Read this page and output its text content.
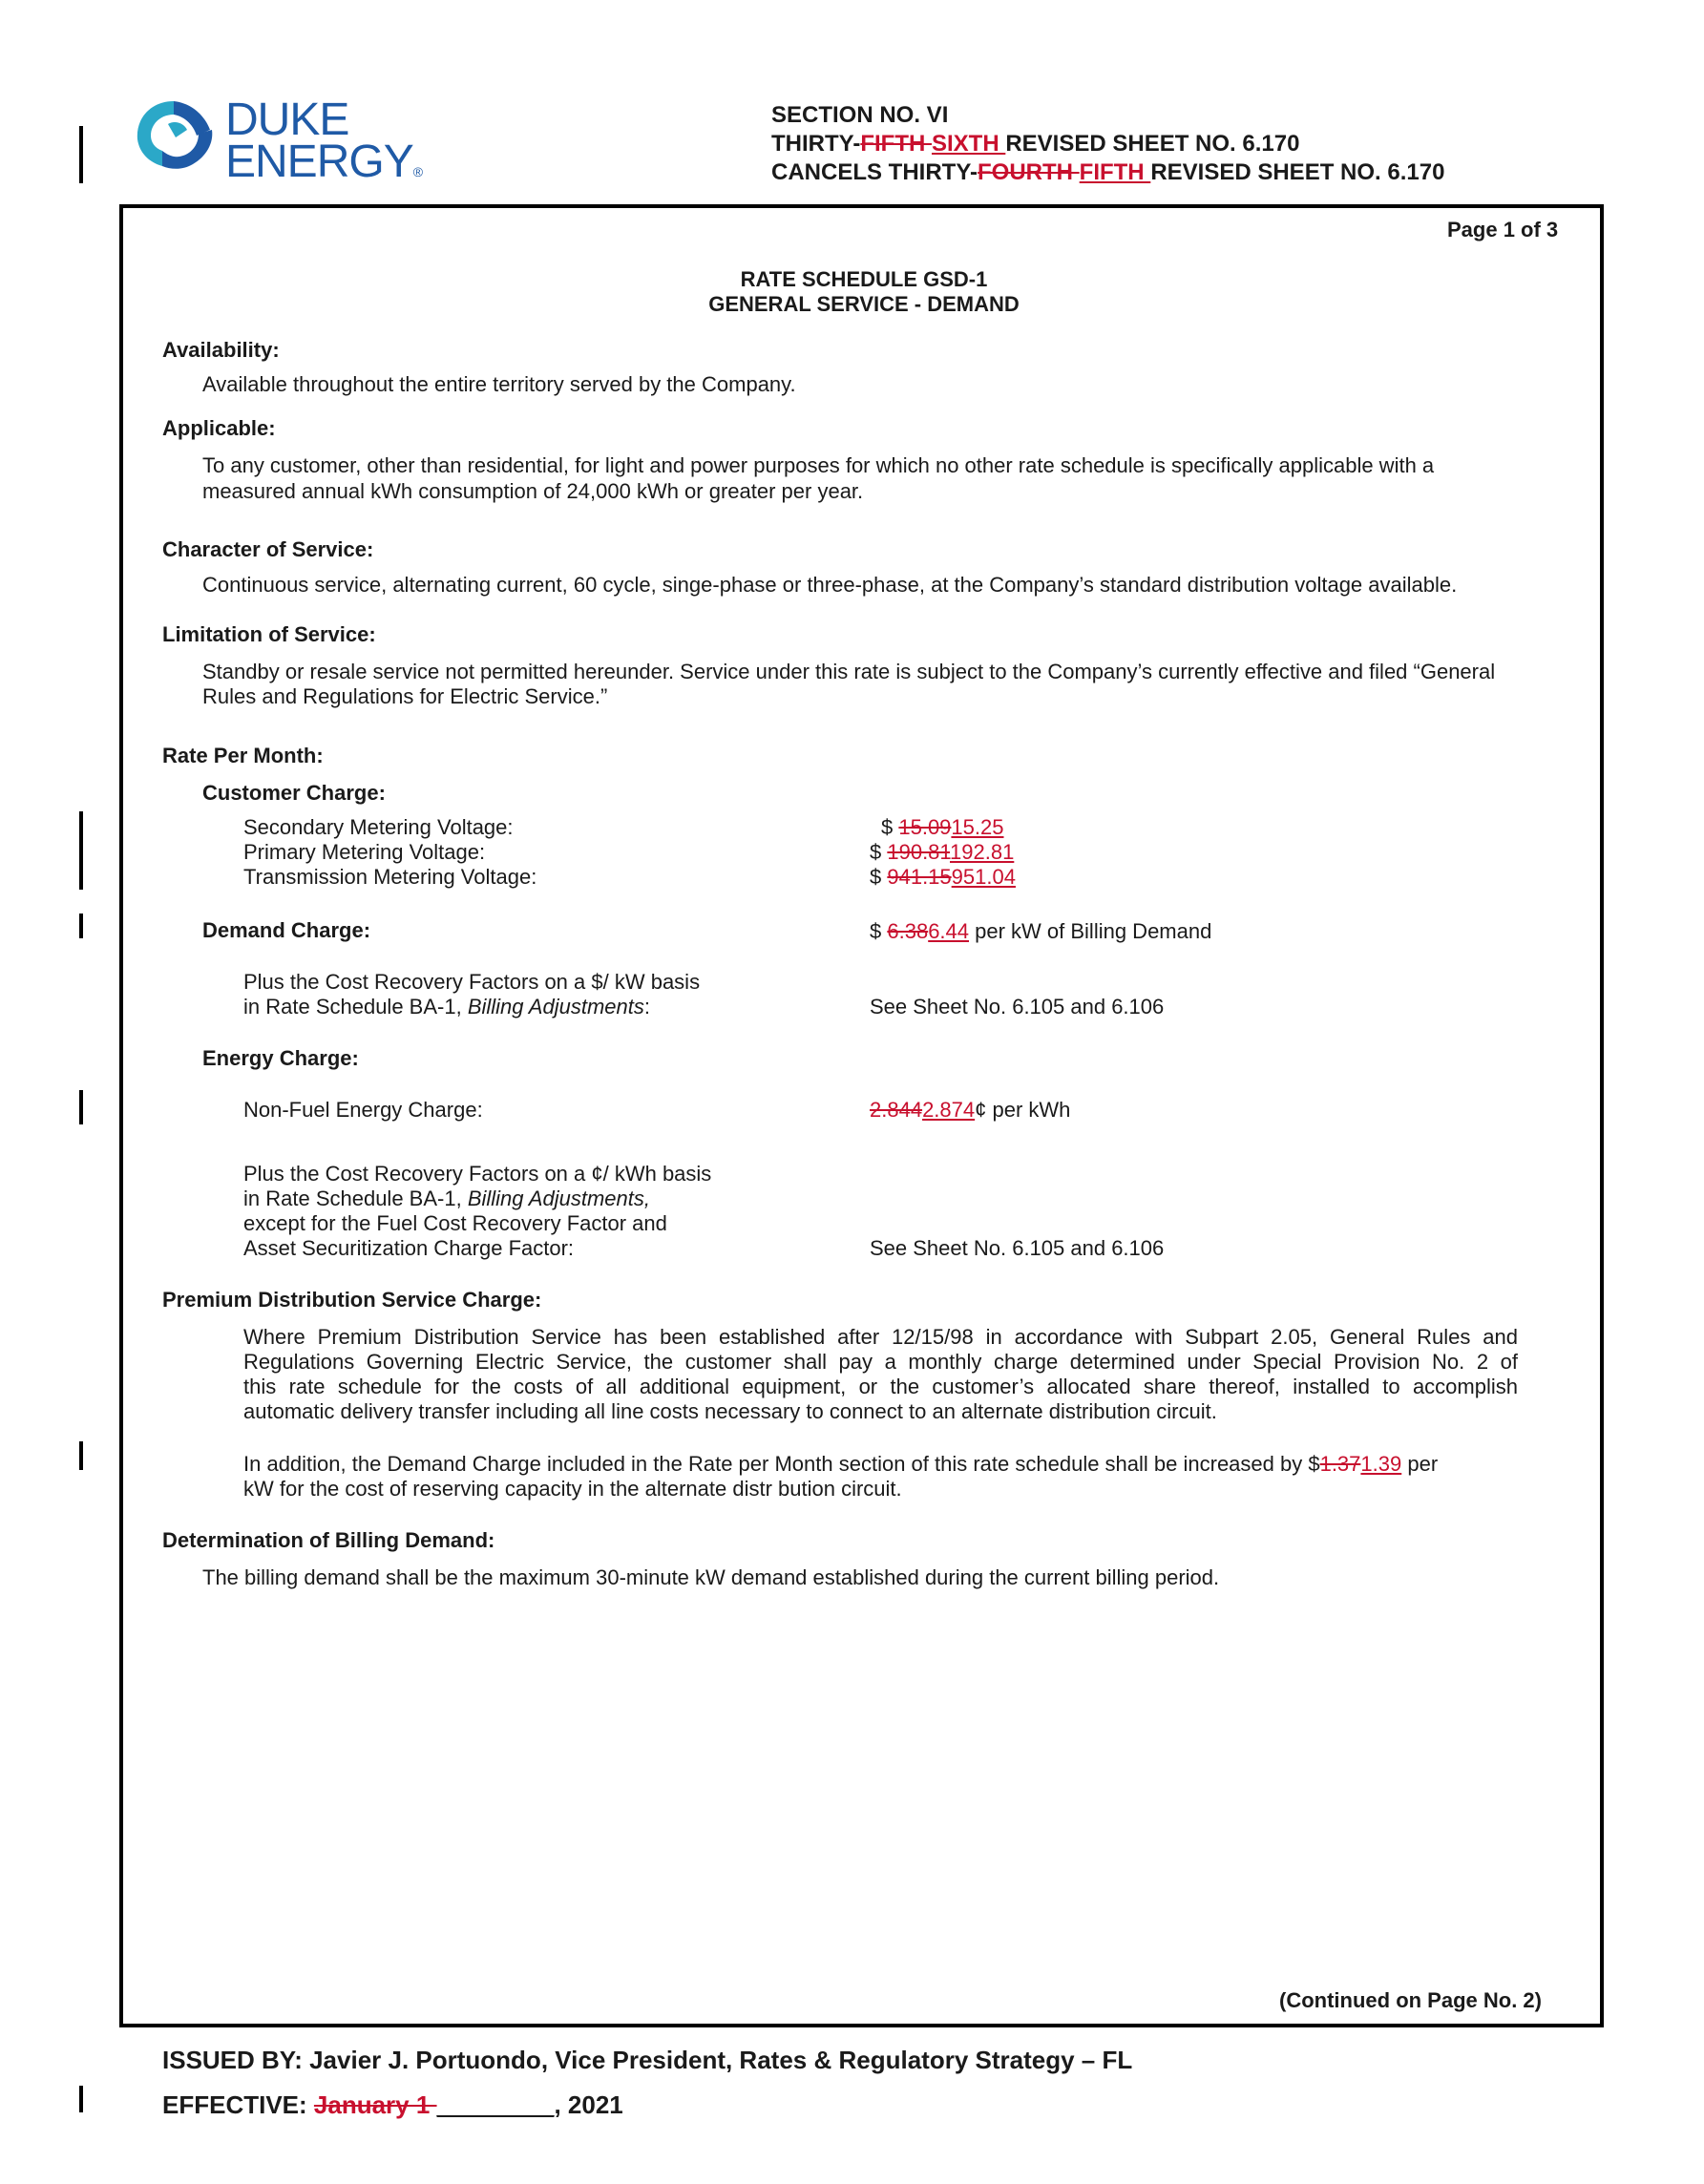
DUKE
ENERGY®
SECTION NO. VI
THIRTY-FIFTH SIXTH REVISED SHEET NO. 6.170
CANCELS THIRTY-FOURTH FIFTH REVISED SHEET NO. 6.170
Page 1 of 3
RATE SCHEDULE GSD-1
GENERAL SERVICE - DEMAND
Availability:
Available throughout the entire territory served by the Company.
Applicable:
To any customer, other than residential, for light and power purposes for which no other rate schedule is specifically applicable with a
measured annual kWh consumption of 24,000 kWh or greater per year.
Character of Service:
Continuous service, alternating current, 60 cycle, singe-phase or three-phase, at the Company’s standard distribution voltage available.
Limitation of Service:
Standby or resale service not permitted hereunder. Service under this rate is subject to the Company’s currently effective and filed “General
Rules and Regulations for Electric Service.”
Rate Per Month:
Customer Charge:
Secondary Metering Voltage:	$ 15.0915.25
Primary Metering Voltage:	$ 190.81192.81
Transmission Metering Voltage:	$ 941.15951.04
Demand Charge:	$ 6.386.44 per kW of Billing Demand
Plus the Cost Recovery Factors on a $/ kW basis
in Rate Schedule BA-1, Billing Adjustments:	See Sheet No. 6.105 and 6.106
Energy Charge:
Non-Fuel Energy Charge:	2.8442.874¢ per kWh
Plus the Cost Recovery Factors on a ¢/ kWh basis
in Rate Schedule BA-1, Billing Adjustments,
except for the Fuel Cost Recovery Factor and
Asset Securitization Charge Factor:	See Sheet No. 6.105 and 6.106
Premium Distribution Service Charge:
Where Premium Distribution Service has been established after 12/15/98 in accordance with Subpart 2.05, General Rules and
Regulations Governing Electric Service, the customer shall pay a monthly charge determined under Special Provision No. 2 of
this rate schedule for the costs of all additional equipment, or the customer’s allocated share thereof, installed to accomplish
automatic delivery transfer including all line costs necessary to connect to an alternate distribution circuit.
In addition, the Demand Charge included in the Rate per Month section of this rate schedule shall be increased by $1.371.39 per
kW for the cost of reserving capacity in the alternate distr bution circuit.
Determination of Billing Demand:
The billing demand shall be the maximum 30-minute kW demand established during the current billing period.
(Continued on Page No. 2)
ISSUED BY: Javier J. Portuondo, Vice President, Rates & Regulatory Strategy – FL
EFFECTIVE: January 1 ______ __, 2021
